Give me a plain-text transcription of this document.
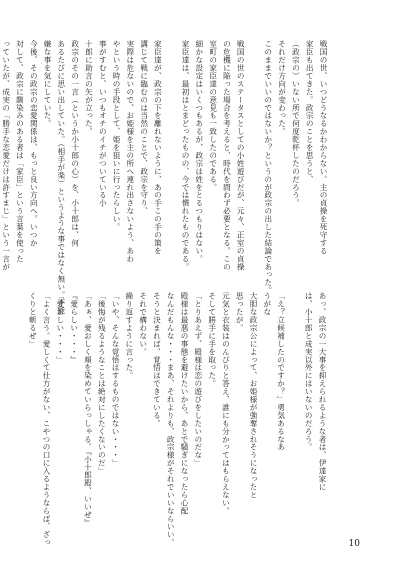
戦国の世、いつどうなるかわからない。主の貞操を死守する
家臣も出てきた。政宗のことを思うと、
（政宗の）いない所で何度乾杯したのだろう。
それだけ方向が変わった。
このままでいいのではないか？というのが政宗の出した結論であった。

戦国の世のステータスとしての小姓遊びだが、元々、正室の貞操
の危機に陥った場合を考えると、時代を問わず必要となる。この
室町の家臣達の意見も一致したのである。
細かな設定はいくつもあるが、政宗は姓をとるつもりはない。
家臣達は、最初はとまどったものの、今では慣れたものである。

家臣達が、政宗の下を離れないように、あの手この手の策を
講じて戦に臨むのは当然のことで、政宗を守り、
実際は危ないので、お姫様を主の所へ連れ出さないよう、あわ
やという時の手段として、姫を狙いに行ったらしい。
事がすむと、いつもオチのイチがついている小
十郎に助言の矢が立った。
政宗のその一言（というか小十郎の心）を、小十郎は、何
あるたびに思い出していた。（相手が楽）というような事ではなく無い。不能
嫌な事を気にしていた。
今後、その政宗の恋愛関係は、もっと良い方向へ。いつか
対して、政宗に馴染みのある者は「家臣」という言葉を使った
っていたが、成実の「勝手な恋愛だけは許すまじ」という一言が

あっ、政宗の一大事を抑えられるような者は、伊達家に
は、小十郎と成実以外にはいないのだろう。

「え？立候補したのですか？」勇気あるなあ
うがな
大胆な政宗公によって、お姫様が強奪されそうになったと
思ったが。
元気と衣装はのんびりと答え、誰にも分かってはもらえない。
そして勝手に手を取った。
「とりあえず、殿様は恋の遊びをしたいのだな」
殿様は最悪の事態を避けたいから、あとで騒ぎになったら心配
なんだもんな・・・まあ、それよりも、政宗様がそれでいいならいい。
そうと決まれば、覚悟はできている。
それで構わない。
繰り返すように言った。
「いや、そんな覚悟はするものではない・・・」
「後悔が残るようなことは絶対にしたくないのだ」
「あぁ、愛おしく頬を染めていらっしゃる。『小十郎殿、いいぜ』
『愛らしい・・・』
「愛おしい・・・」
「よく言う。愛しくて仕方がない、こやつの口に入るようならば、ざっ
くりと斬るぜ」
10
